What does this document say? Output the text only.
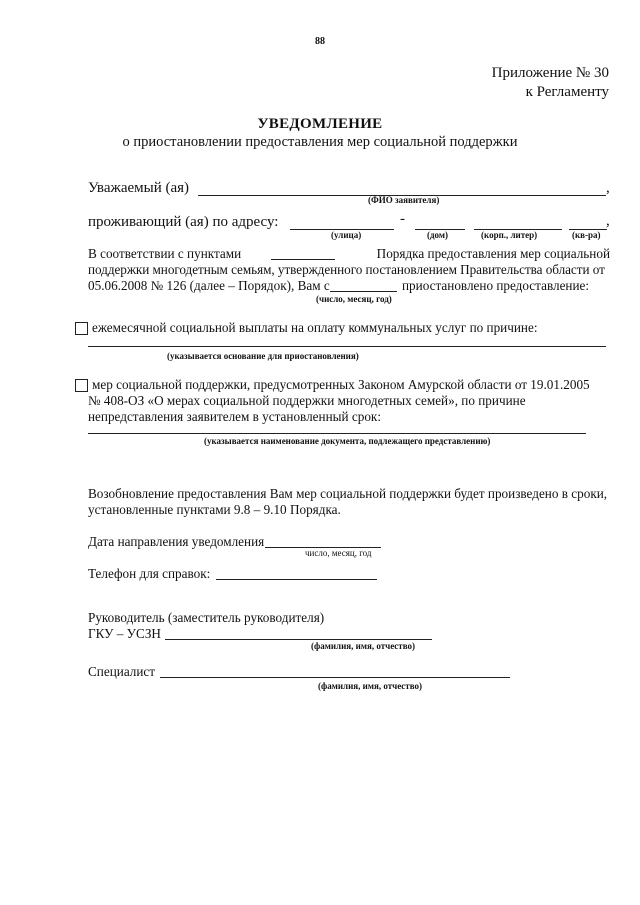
88
Приложение № 30
к Регламенту
УВЕДОМЛЕНИЕ
о приостановлении предоставления мер социальной поддержки
Уважаемый (ая)	,
(ФИО заявителя)
проживающий (ая) по адресу:	-	,
(улица)	(дом)	(корп., литер)	(кв-ра)
В соответствии с пунктами	Порядка предоставления мер социальной
поддержки многодетным семьям, утвержденного постановлением Правительства области от
05.06.2008 № 126 (далее – Порядок), Вам с	приостановлено предоставление:
(число, месяц, год)
ежемесячной социальной выплаты на оплату коммунальных услуг по причине:
(указывается основание для приостановления)
мер социальной поддержки, предусмотренных Законом Амурской области от 19.01.2005
№ 408-ОЗ «О мерах социальной поддержки многодетных семей», по причине
непредставления заявителем в установленный срок:
(указывается наименование документа, подлежащего представлению)
Возобновление предоставления Вам мер социальной поддержки будет произведено в сроки,
установленные пунктами 9.8 – 9.10 Порядка.
Дата направления уведомления
число, месяц, год
Телефон для справок:
Руководитель (заместитель руководителя)
ГКУ – УСЗН
(фамилия, имя, отчество)
Специалист
(фамилия, имя, отчество)
